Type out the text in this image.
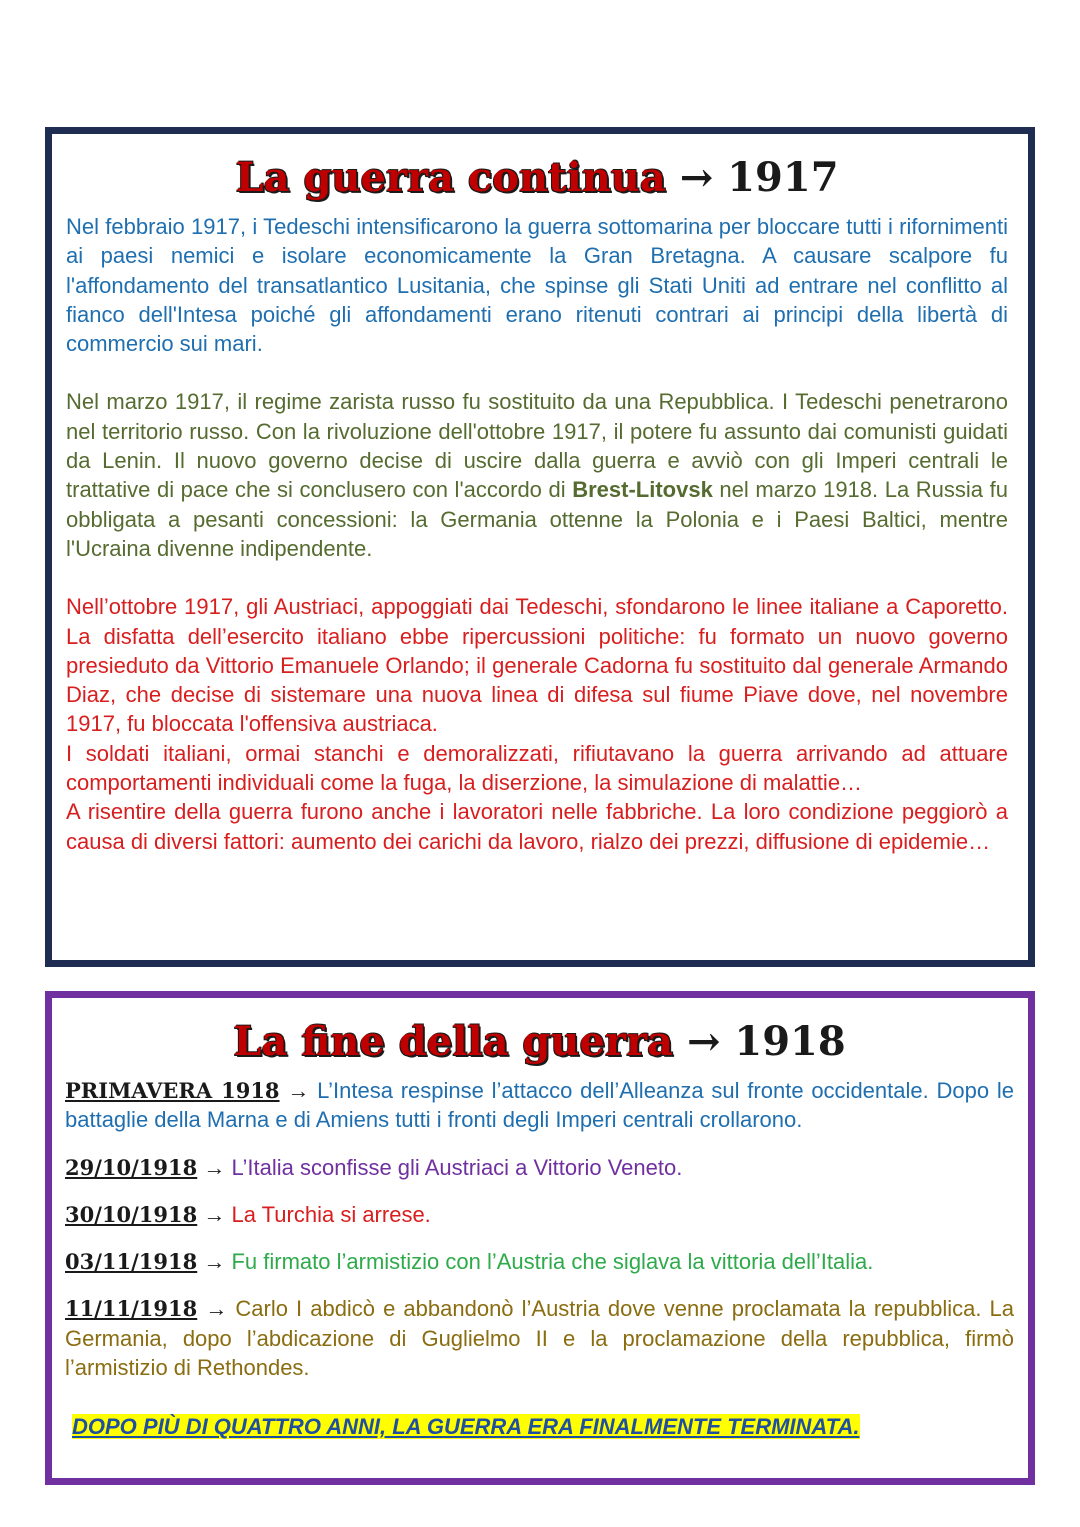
La guerra continua → 1917

Nel febbraio 1917, i Tedeschi intensificarono la guerra sottomarina per bloccare tutti i rifornimenti ai paesi nemici e isolare economicamente la Gran Bretagna. A causare scalpore fu l'affondamento del transatlantico Lusitania, che spinse gli Stati Uniti ad entrare nel conflitto al fianco dell'Intesa poiché gli affondamenti erano ritenuti contrari ai principi della libertà di commercio sui mari.

Nel marzo 1917, il regime zarista russo fu sostituito da una Repubblica. I Tedeschi penetrarono nel territorio russo. Con la rivoluzione dell'ottobre 1917, il potere fu assunto dai comunisti guidati da Lenin. Il nuovo governo decise di uscire dalla guerra e avviò con gli Imperi centrali le trattative di pace che si conclusero con l'accordo di Brest-Litovsk nel marzo 1918. La Russia fu obbligata a pesanti concessioni: la Germania ottenne la Polonia e i Paesi Baltici, mentre l'Ucraina divenne indipendente.

Nell’ottobre 1917, gli Austriaci, appoggiati dai Tedeschi, sfondarono le linee italiane a Caporetto. La disfatta dell’esercito italiano ebbe ripercussioni politiche: fu formato un nuovo governo presieduto da Vittorio Emanuele Orlando; il generale Cadorna fu sostituito dal generale Armando Diaz, che decise di sistemare una nuova linea di difesa sul fiume Piave dove, nel novembre 1917, fu bloccata l'offensiva austriaca.

I soldati italiani, ormai stanchi e demoralizzati, rifiutavano la guerra arrivando ad attuare comportamenti individuali come la fuga, la diserzione, la simulazione di malattie…

A risentire della guerra furono anche i lavoratori nelle fabbriche. La loro condizione peggiorò a causa di diversi fattori: aumento dei carichi da lavoro, rialzo dei prezzi, diffusione di epidemie…

La fine della guerra → 1918

PRIMAVERA 1918 → L’Intesa respinse l’attacco dell’Alleanza sul fronte occidentale. Dopo le battaglie della Marna e di Amiens tutti i fronti degli Imperi centrali crollarono.

29/10/1918 → L’Italia sconfisse gli Austriaci a Vittorio Veneto.

30/10/1918 → La Turchia si arrese.

03/11/1918 → Fu firmato l’armistizio con l’Austria che siglava la vittoria dell’Italia.

11/11/1918 → Carlo I abdicò e abbandonò l’Austria dove venne proclamata la repubblica. La Germania, dopo l’abdicazione di Guglielmo II e la proclamazione della repubblica, firmò l’armistizio di Rethondes.

DOPO PIÙ DI QUATTRO ANNI, LA GUERRA ERA FINALMENTE TERMINATA.
